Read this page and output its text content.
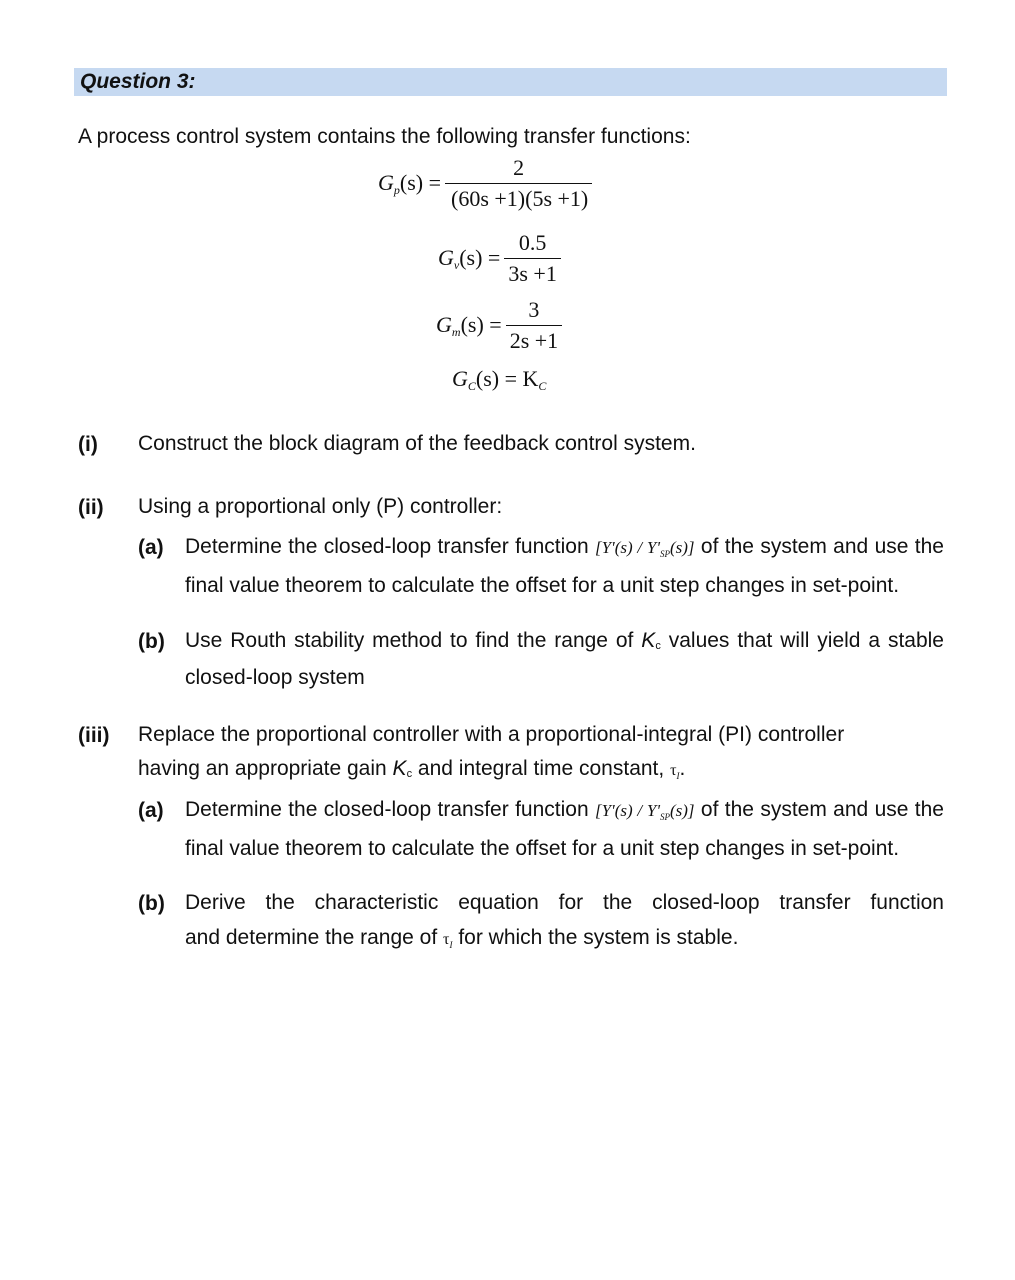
Question 3:
A process control system contains the following transfer functions:
$G_p(s) = \frac{2}{(60s +1)(5s +1)}$
$G_v(s) = \frac{0.5}{3s +1}$
$G_m(s) = \frac{3}{2s +1}$
$G_C(s) = K_C$
(i) Construct the block diagram of the feedback control system.
(ii) Using a proportional only (P) controller:
(a) Determine the closed-loop transfer function $[Y'(s) / Y'_{SP}(s)]$ of the system and use the final value theorem to calculate the offset for a unit step changes in set-point.
(b) Use Routh stability method to find the range of $K_c$ values that will yield a stable closed-loop system
(iii) Replace the proportional controller with a proportional-integral (PI) controller
having an appropriate gain $K_c$ and integral time constant, $\tau_I$.
(a) Determine the closed-loop transfer function $[Y'(s) / Y'_{SP}(s)]$ of the system and use the final value theorem to calculate the offset for a unit step changes in set-point.
(b) Derive the characteristic equation for the closed-loop transfer function
and determine the range of $\tau_I$ for which the system is stable.
